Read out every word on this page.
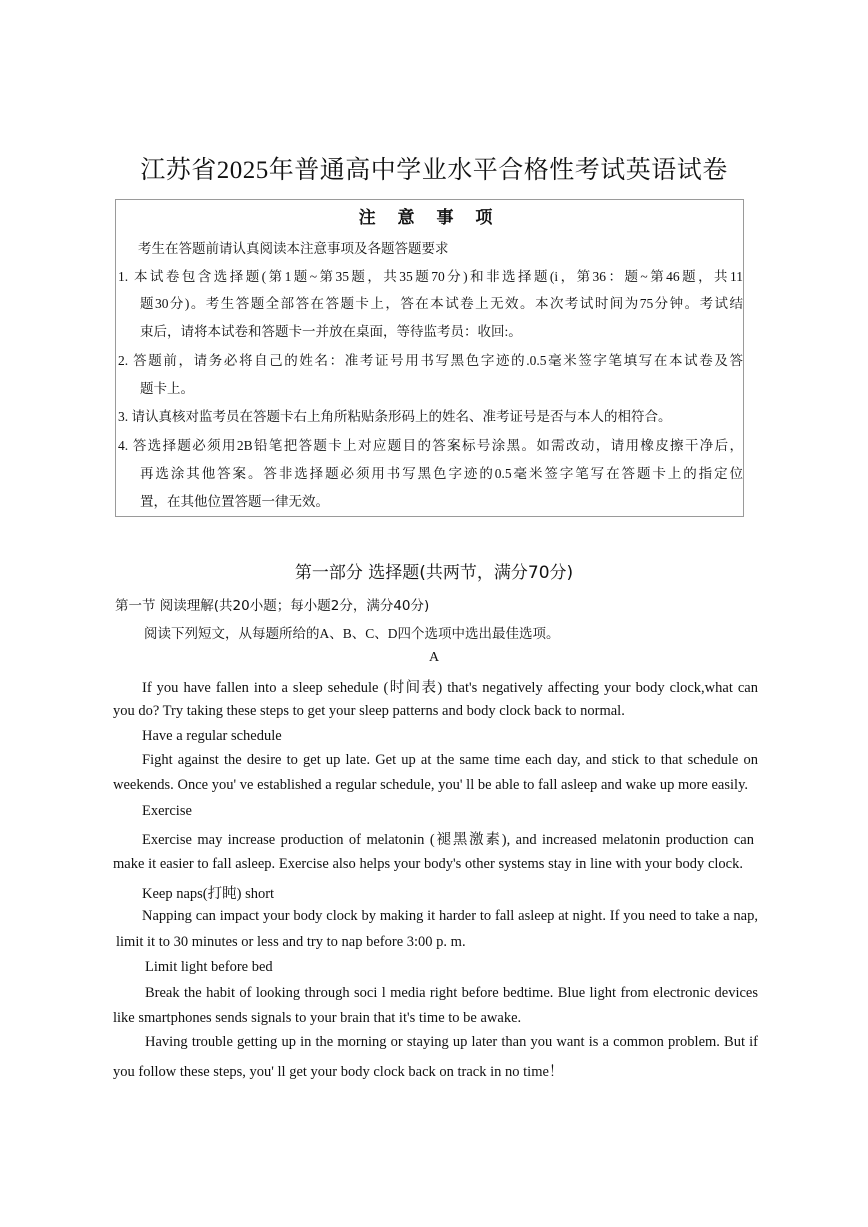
江苏省2025年普通高中学业水平合格性考试英语试卷
注 意 事 项
考生在答题前请认真阅读本注意事项及各题答题要求
1. 本试卷包含选择题(第1题~第35题，共35题70分)和非选择题(i，第36：题~第46题，共11
题30分)。考生答题全部答在答题卡上，答在本试卷上无效。本次考试时间为75分钟。考试结
束后，请将本试卷和答题卡一并放在桌面，等待监考员：收回:。
2. 答题前，请务必将自己的姓名：准考证号用书写黑色字迹的.0.5毫米签字笔填写在本试卷及答
题卡上。
3. 请认真核对监考员在答题卡右上角所粘贴条形码上的姓名、准考证号是否与本人的相符合。
4. 答选择题必须用2B铅笔把答题卡上对应题目的答案标号涂黑。如需改动，请用橡皮擦干净后，
再选涂其他答案。答非选择题必须用书写黑色字迹的0.5毫米签字笔写在答题卡上的指定位
置，在其他位置答题一律无效。
第一部分 选择题(共两节，满分70分)
第一节 阅读理解(共20小题；每小题2分，满分40分)
阅读下列短文，从每题所给的A、B、C、D四个选项中选出最佳选项。
A
If you have fallen into a sleep sehedule (时间表) that's negatively affecting your body clock,what can
you do? Try taking these steps to get your sleep patterns and body clock back to normal.
Have a regular schedule
Fight against the desire to get up late. Get up at the same time each day, and stick to that schedule on
weekends. Once you' ve established a regular schedule, you' ll be able to fall asleep and wake up more easily.
Exercise
Exercise may increase production of melatonin (褪黑激素), and increased melatonin production can
make it easier to fall asleep. Exercise also helps your body's other systems stay in line with your body clock.
Keep naps(打盹) short
Napping can impact your body clock by making it harder to fall asleep at night. If you need to take a nap,
limit it to 30 minutes or less and try to nap before 3:00 p. m.
Limit light before bed
Break the habit of looking through soci l media right before bedtime. Blue light from electronic devices
like smartphones sends signals to your brain that it's time to be awake.
Having trouble getting up in the morning or staying up later than you want is a common problem. But if
you follow these steps, you' ll get your body clock back on track in no time！
